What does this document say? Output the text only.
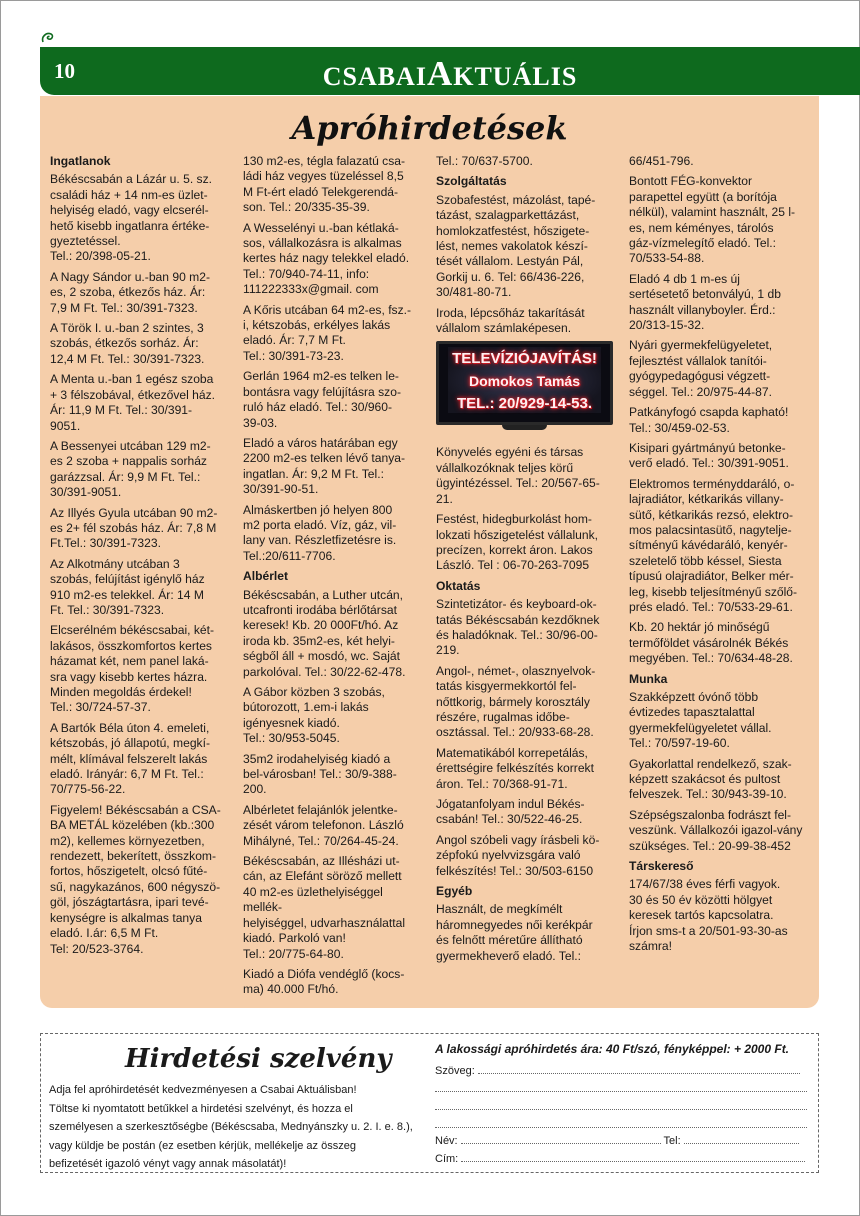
10	CSABAIAKTUÁLIS
Apróhirdetések
Ingatlanok
Békéscsabán a Lázár u. 5. sz.
családi ház + 14 nm-es üzlet-
helyiség eladó, vagy elcserél-
hető kisebb ingatlanra értéke-
gyeztetéssel.
Tel.: 20/398-05-21.
A Nagy Sándor u.-ban 90 m2-
es, 2 szoba, étkezős ház. Ár:
7,9 M Ft. Tel.: 30/391-7323.
A Török I. u.-ban 2 szintes, 3
szobás, étkezős sorház. Ár:
12,4 M Ft. Tel.: 30/391-7323.
A Menta u.-ban 1 egész szoba
+ 3 félszobával, étkezővel ház.
Ár: 11,9 M Ft. Tel.: 30/391-
9051.
A Bessenyei utcában 129 m2-
es 2 szoba + nappalis sorház
garázzsal. Ár: 9,9 M Ft. Tel.:
30/391-9051.
Az Illyés Gyula utcában 90 m2-
es 2+ fél szobás ház. Ár: 7,8 M
Ft.Tel.: 30/391-7323.
Az Alkotmány utcában 3
szobás, felújítást igénylő ház
910 m2-es telekkel. Ár: 14 M
Ft. Tel.: 30/391-7323.
Elcserélném békéscsabai, két-
lakásos, összkomfortos kertes
házamat két, nem panel laká-
sra vagy kisebb kertes házra.
Minden megoldás érdekel!
Tel.: 30/724-57-37.
A Bartók Béla úton 4. emeleti,
kétszobás, jó állapotú, megkí-
mélt, klímával felszerelt lakás
eladó. Irányár: 6,7 M Ft. Tel.:
70/775-56-22.
Figyelem! Békéscsabán a CSA-
BA METÁL közelében (kb.:300
m2), kellemes környezetben,
rendezett, bekerített, összkom-
fortos, hőszigetelt, olcsó fűté-
sű, nagykazános, 600 négyszö-
göl, jószágtartásra, ipari tevé-
kenységre is alkalmas tanya
eladó. I.ár: 6,5 M Ft.
Tel: 20/523-3764.
130 m2-es, tégla falazatú csa-
ládi ház vegyes tüzeléssel 8,5
M Ft-ért eladó Telekgerendá-
son. Tel.: 20/335-35-39.
A Wesselényi u.-ban kétlaká-
sos, vállalkozásra is alkalmas
kertes ház nagy telekkel eladó.
Tel.: 70/940-74-11, info:
111222333x@gmail. com
A Kőris utcában 64 m2-es, fsz.-
i, kétszobás, erkélyes lakás
eladó. Ár: 7,7 M Ft.
Tel.: 30/391-73-23.
Gerlán 1964 m2-es telken le-
bontásra vagy felújításra szo-
ruló ház eladó. Tel.: 30/960-
39-03.
Eladó a város határában egy
2200 m2-es telken lévő tanya-
ingatlan. Ár: 9,2 M Ft. Tel.:
30/391-90-51.
Almáskertben jó helyen 800
m2 porta eladó. Víz, gáz, vil-
lany van. Részletfizetésre is.
Tel.:20/611-7706.
Albérlet
Békéscsabán, a Luther utcán,
utcafronti irodába bérlőtársat
keresek! Kb. 20 000Ft/hó. Az
iroda kb. 35m2-es, két helyi-
ségből áll + mosdó, wc. Saját
parkolóval. Tel.: 30/22-62-478.
A Gábor közben 3 szobás,
bútorozott, 1.em-i lakás
igényesnek kiadó.
Tel.: 30/953-5045.
35m2 irodahelyiség kiadó a
bel-városban! Tel.: 30/9-388-
200.
Albérletet felajánlók jelentke-
zését várom telefonon. László
Mihályné, Tel.: 70/264-45-24.
Békéscsabán, az Illésházi ut-
cán, az Elefánt söröző mellett
40 m2-es üzlethelyiséggel mellék-
helyiséggel, udvarhasználattal
kiadó. Parkoló van!
Tel.: 20/775-64-80.
Kiadó a Diófa vendéglő (kocs-
ma) 40.000 Ft/hó.
Tel.: 70/637-5700.
Szolgáltatás
Szobafestést, mázolást, tapé-
tázást, szalagparkettázást,
homlokzatfestést, hőszigete-
lést, nemes vakolatok készí-
tését vállalom. Lestyán Pál,
Gorkij u. 6. Tel: 66/436-226,
30/481-80-71.
Iroda, lépcsőház takarítását
vállalom számlaképesen.
TELEVÍZIÓJAVÍTÁS!
Domokos Tamás
TEL.: 20/929-14-53.
Könyvelés egyéni és társas
vállalkozóknak teljes körű
ügyintézéssel. Tel.: 20/567-65-
21.
Festést, hidegburkolást hom-
lokzati hőszigetelést vállalunk,
precízen, korrekt áron. Lakos
László. Tel : 06-70-263-7095
Oktatás
Szintetizátor- és keyboard-ok-
tatás Békéscsabán kezdőknek
és haladóknak. Tel.: 30/96-00-
219.
Angol-, német-, olasznyelvok-
tatás kisgyermekkortól fel-
nőttkorig, bármely korosztály
részére, rugalmas időbe-
osztással. Tel.: 20/933-68-28.
Matematikából korrepetálás,
érettségire felkészítés korrekt
áron. Tel.: 70/368-91-71.
Jógatanfolyam indul Békés-
csabán! Tel.: 30/522-46-25.
Angol szóbeli vagy írásbeli kö-
zépfokú nyelvvizsgára való
felkészítés! Tel.: 30/503-6150
Egyéb
Használt, de megkímélt
háromnegyedes női kerékpár
és felnőtt méretűre állítható
gyermekheverő eladó. Tel.:
66/451-796.
Bontott FÉG-konvektor
parapettel együtt (a borítója
nélkül), valamint használt, 25 l-
es, nem kéményes, tárolós
gáz-vízmelegítő eladó. Tel.:
70/533-54-88.
Eladó 4 db 1 m-es új
sertésetető betonvályú, 1 db
használt villanyboyler. Érd.:
20/313-15-32.
Nyári gyermekfelügyeletet,
fejlesztést vállalok tanítói-
gyógypedagógusi végzett-
séggel. Tel.: 20/975-44-87.
Patkányfogó csapda kapható!
Tel.: 30/459-02-53.
Kisipari gyártmányú betonke-
verő eladó. Tel.: 30/391-9051.
Elektromos terményddaráló, o-
lajradiátor, kétkarikás villany-
sütő, kétkarikás rezsó, elektro-
mos palacsintasütő, nagytelje-
sítményű kávédaráló, kenyér-
szeletelő több késsel, Siesta
típusú olajradiátor, Belker mér-
leg, kisebb teljesítményű szőlő-
prés eladó. Tel.: 70/533-29-61.
Kb. 20 hektár jó minőségű
termőföldet vásárolnék Békés
megyében. Tel.: 70/634-48-28.
Munka
Szakképzett óvónő több
évtizedes tapasztalattal
gyermekfelügyeletet vállal.
Tel.: 70/597-19-60.
Gyakorlattal rendelkező, szak-
képzett szakácsot és pultost
felveszek. Tel.: 30/943-39-10.
Szépségszalonba fodrászt fel-
veszünk. Vállalkozói igazol-vány
szükséges. Tel.: 20-99-38-452
Társkereső
174/67/38 éves férfi vagyok.
30 és 50 év közötti hölgyet
keresek tartós kapcsolatra.
Írjon sms-t a 20/501-93-30-as
számra!
Hirdetési szelvény
Adja fel apróhirdetését kedvezményesen a Csabai Aktuálisban!
Töltse ki nyomtatott betűkkel a hirdetési szelvényt, és hozza el
személyesen a szerkesztőségbe (Békéscsaba, Mednyánszky u. 2. I. e. 8.),
vagy küldje be postán (ez esetben kérjük, mellékelje az összeg
befizetését igazoló vényt vagy annak másolatát)!
A lakossági apróhirdetés ára: 40 Ft/szó, fényképpel: + 2000 Ft.
Szöveg:
Név:	Tel:
Cím:
